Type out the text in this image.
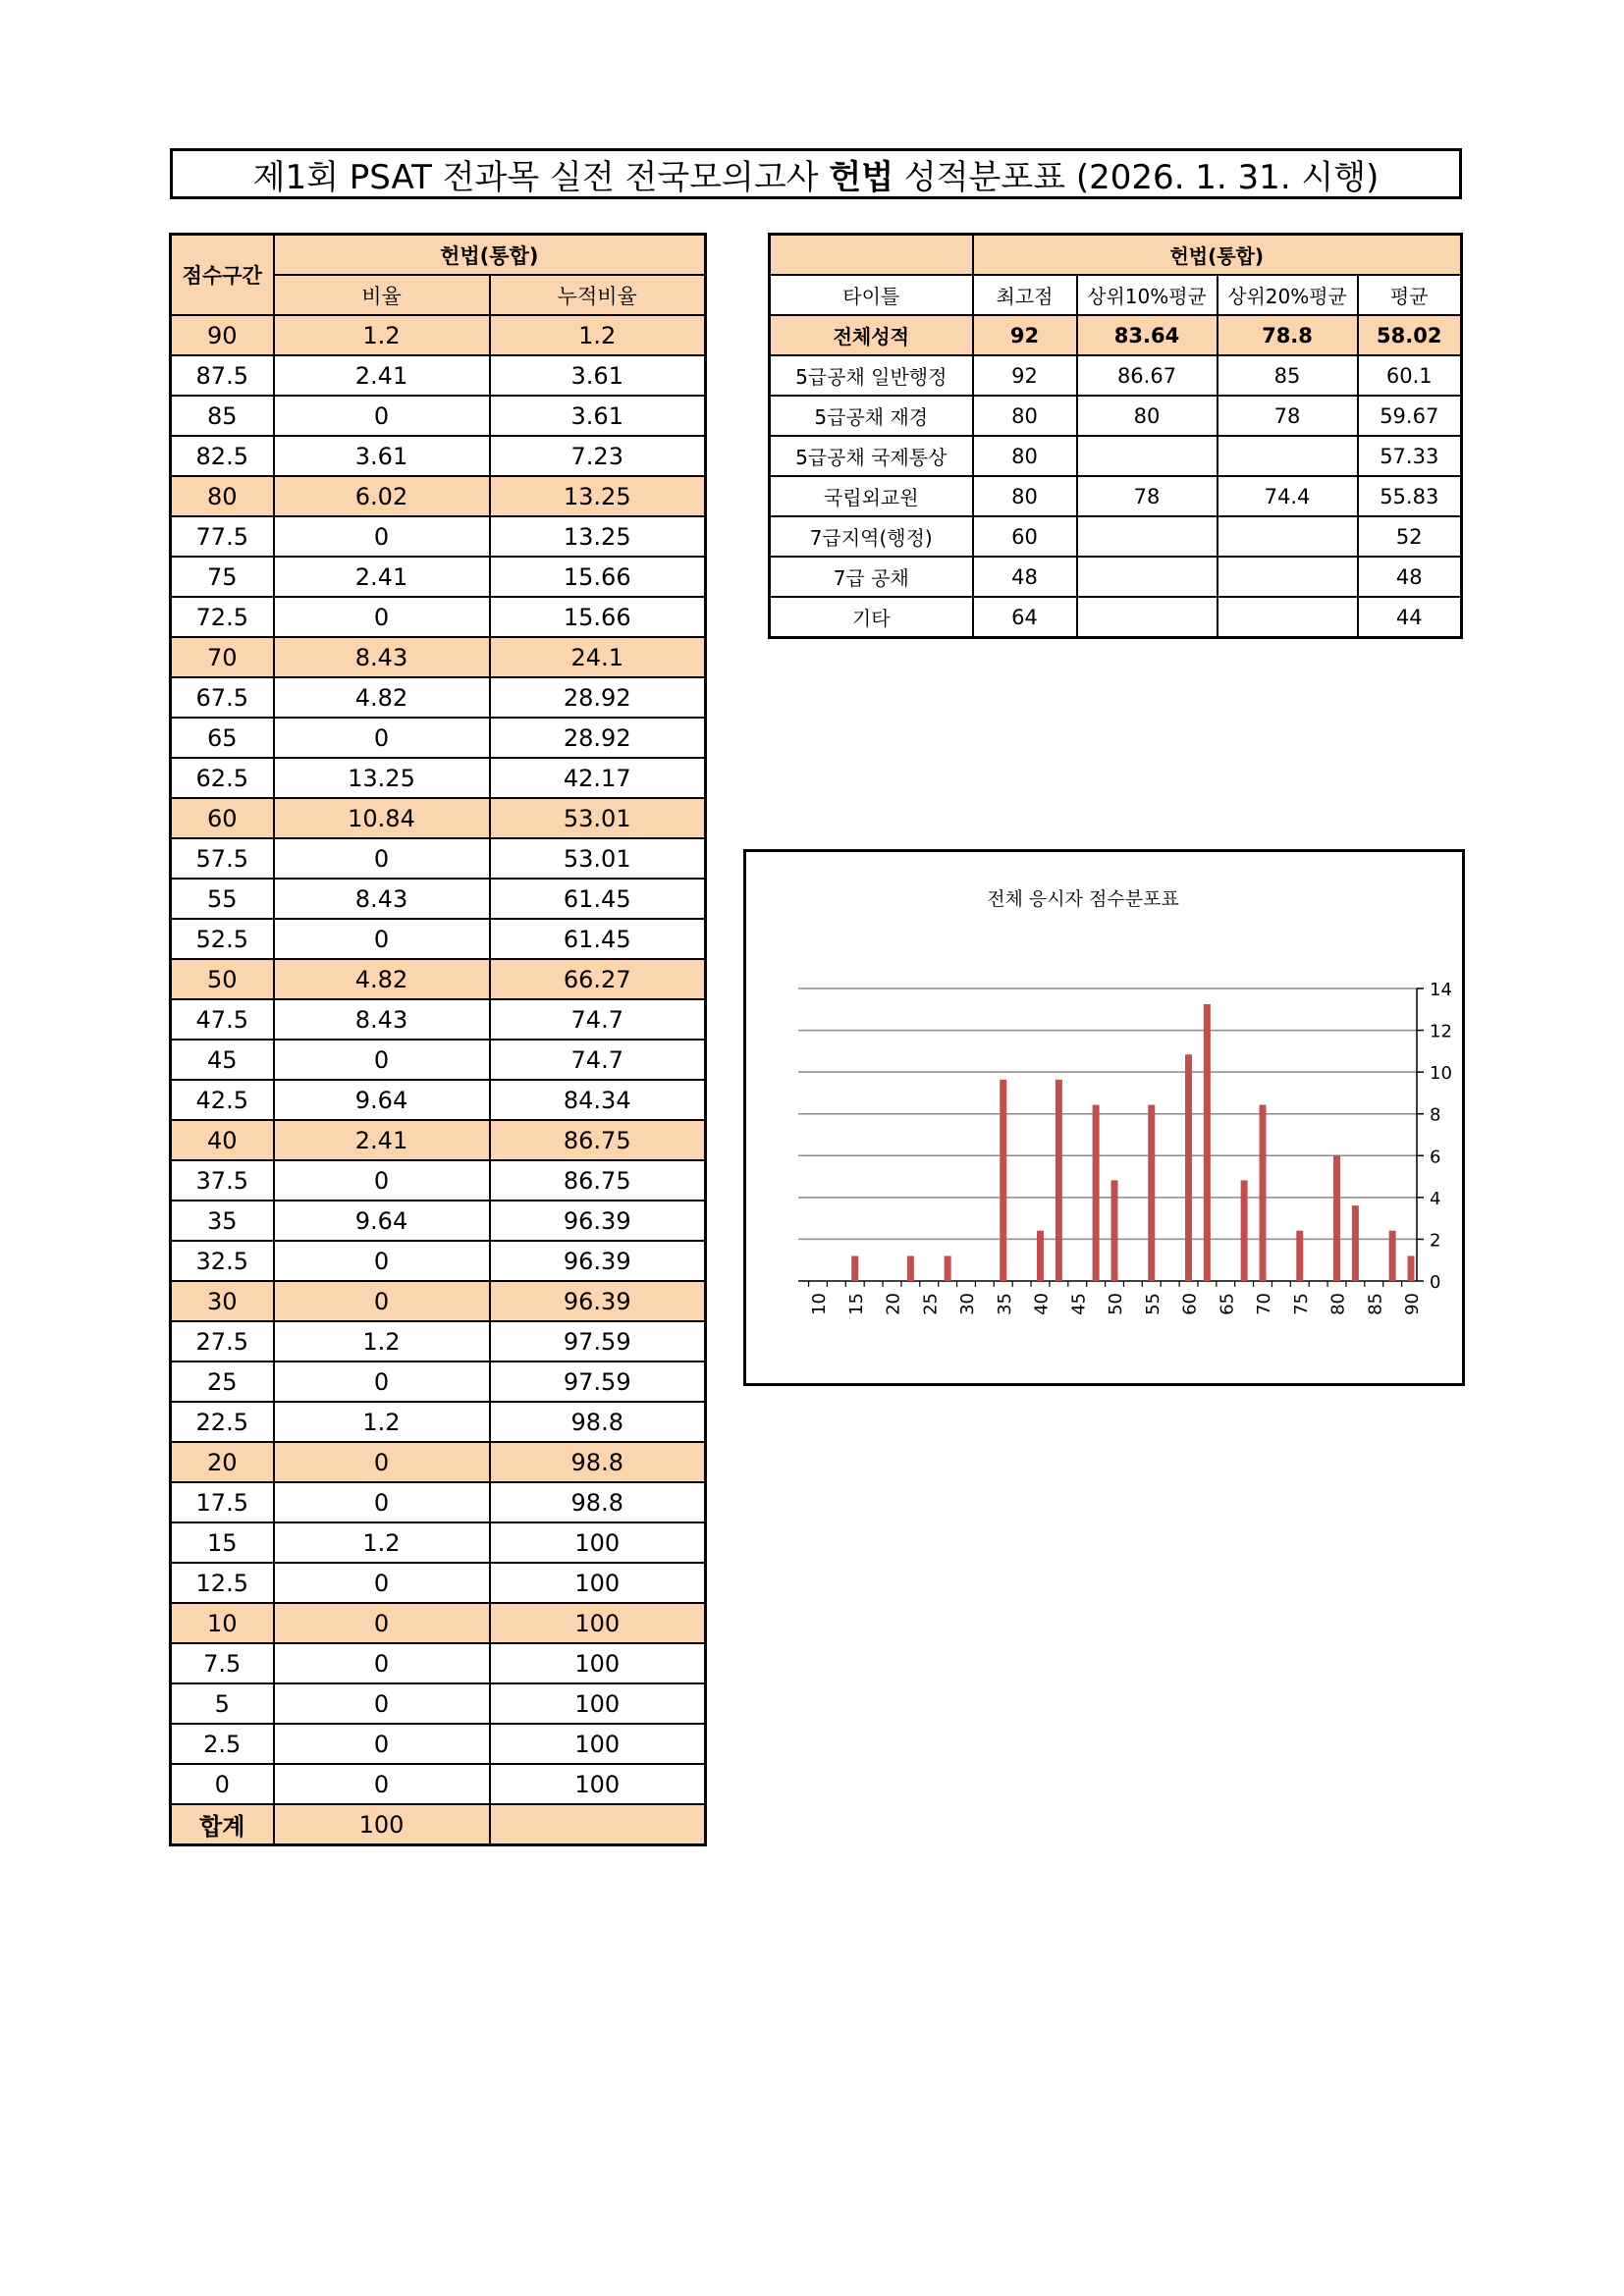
제1회 PSAT 전과목 실전 전국모의고사 헌법 성적분포표 (2026. 1. 31. 시행)
점수구간	헌법(통합)	
	비율	누적비율
90	1.2	1.2
87.5	2.41	3.61
85	0	3.61
82.5	3.61	7.23
80	6.02	13.25
77.5	0	13.25
75	2.41	15.66
72.5	0	15.66
70	8.43	24.1
67.5	4.82	28.92
65	0	28.92
62.5	13.25	42.17
60	10.84	53.01
57.5	0	53.01
55	8.43	61.45
52.5	0	61.45
50	4.82	66.27
47.5	8.43	74.7
45	0	74.7
42.5	9.64	84.34
40	2.41	86.75
37.5	0	86.75
35	9.64	96.39
32.5	0	96.39
30	0	96.39
27.5	1.2	97.59
25	0	97.59
22.5	1.2	98.8
20	0	98.8
17.5	0	98.8
15	1.2	100
12.5	0	100
10	0	100
7.5	0	100
5	0	100
2.5	0	100
0	0	100
합계	100	
	헌법(통합)			
타이틀	최고점	상위10%평균	상위20%평균	평균
전체성적	92	83.64	78.8	58.02
5급공채 일반행정	92	86.67	85	60.1
5급공채 재경	80	80	78	59.67
5급공채 국제통상	80			57.33
국립외교원	80	78	74.4	55.83
7급지역(행정)	60			52
7급 공채	48			48
기타	64			44
전체 응시자 점수분포표
0
2
4
6
8
10
12
14
10 15 20 25 30 35 40 45 50 55 60 65 70 75 80 85 90
